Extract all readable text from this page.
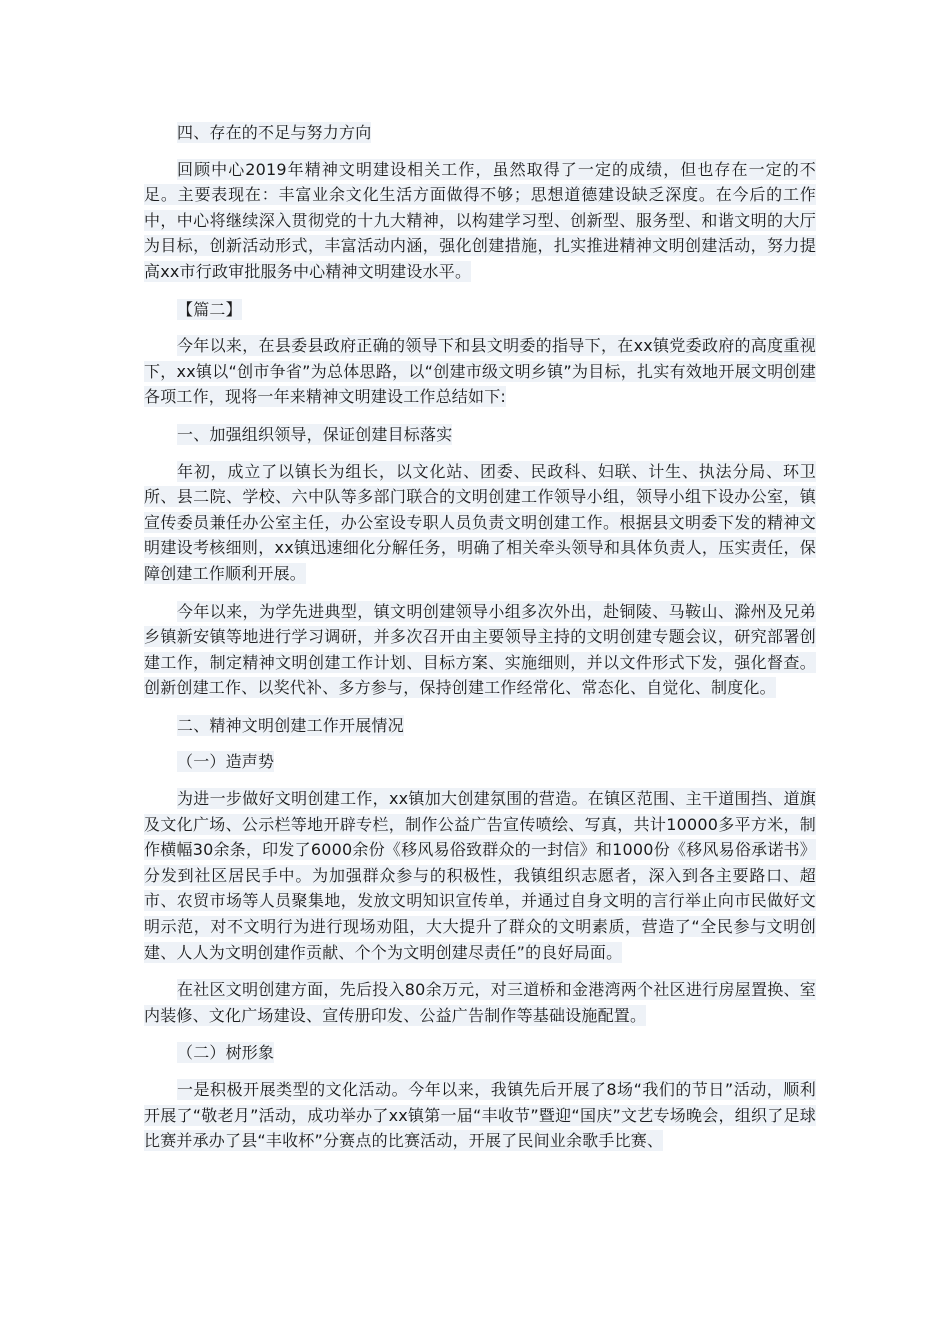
四、存在的不足与努力方向

回顾中心2019年精神文明建设相关工作，虽然取得了一定的成绩，但也存在一定的不足。主要表现在：丰富业余文化生活方面做得不够；思想道德建设缺乏深度。在今后的工作中，中心将继续深入贯彻党的十九大精神，以构建学习型、创新型、服务型、和谐文明的大厅为目标，创新活动形式，丰富活动内涵，强化创建措施，扎实推进精神文明创建活动，努力提高xx市行政审批服务中心精神文明建设水平。

【篇二】

今年以来，在县委县政府正确的领导下和县文明委的指导下，在xx镇党委政府的高度重视下，xx镇以“创市争省”为总体思路，以“创建市级文明乡镇”为目标，扎实有效地开展文明创建各项工作，现将一年来精神文明建设工作总结如下:

一、加强组织领导，保证创建目标落实

年初，成立了以镇长为组长，以文化站、团委、民政科、妇联、计生、执法分局、环卫所、县二院、学校、六中队等多部门联合的文明创建工作领导小组，领导小组下设办公室，镇宣传委员兼任办公室主任，办公室设专职人员负责文明创建工作。根据县文明委下发的精神文明建设考核细则，xx镇迅速细化分解任务，明确了相关牵头领导和具体负责人，压实责任，保障创建工作顺利开展。

今年以来，为学先进典型，镇文明创建领导小组多次外出，赴铜陵、马鞍山、滁州及兄弟乡镇新安镇等地进行学习调研，并多次召开由主要领导主持的文明创建专题会议，研究部署创建工作，制定精神文明创建工作计划、目标方案、实施细则，并以文件形式下发，强化督查。创新创建工作、以奖代补、多方参与，保持创建工作经常化、常态化、自觉化、制度化。

二、精神文明创建工作开展情况

（一）造声势

为进一步做好文明创建工作，xx镇加大创建氛围的营造。在镇区范围、主干道围挡、道旗及文化广场、公示栏等地开辟专栏，制作公益广告宣传喷绘、写真，共计10000多平方米，制作横幅30余条，印发了6000余份《移风易俗致群众的一封信》和1000份《移风易俗承诺书》分发到社区居民手中。为加强群众参与的积极性，我镇组织志愿者，深入到各主要路口、超市、农贸市场等人员聚集地，发放文明知识宣传单，并通过自身文明的言行举止向市民做好文明示范，对不文明行为进行现场劝阻，大大提升了群众的文明素质，营造了“全民参与文明创建、人人为文明创建作贡献、个个为文明创建尽责任”的良好局面。

在社区文明创建方面，先后投入80余万元，对三道桥和金港湾两个社区进行房屋置换、室内装修、文化广场建设、宣传册印发、公益广告制作等基础设施配置。

（二）树形象

一是积极开展类型的文化活动。今年以来，我镇先后开展了8场“我们的节日”活动，顺利开展了“敬老月”活动，成功举办了xx镇第一届“丰收节”暨迎“国庆”文艺专场晚会，组织了足球比赛并承办了县“丰收杯”分赛点的比赛活动，开展了民间业余歌手比赛、
